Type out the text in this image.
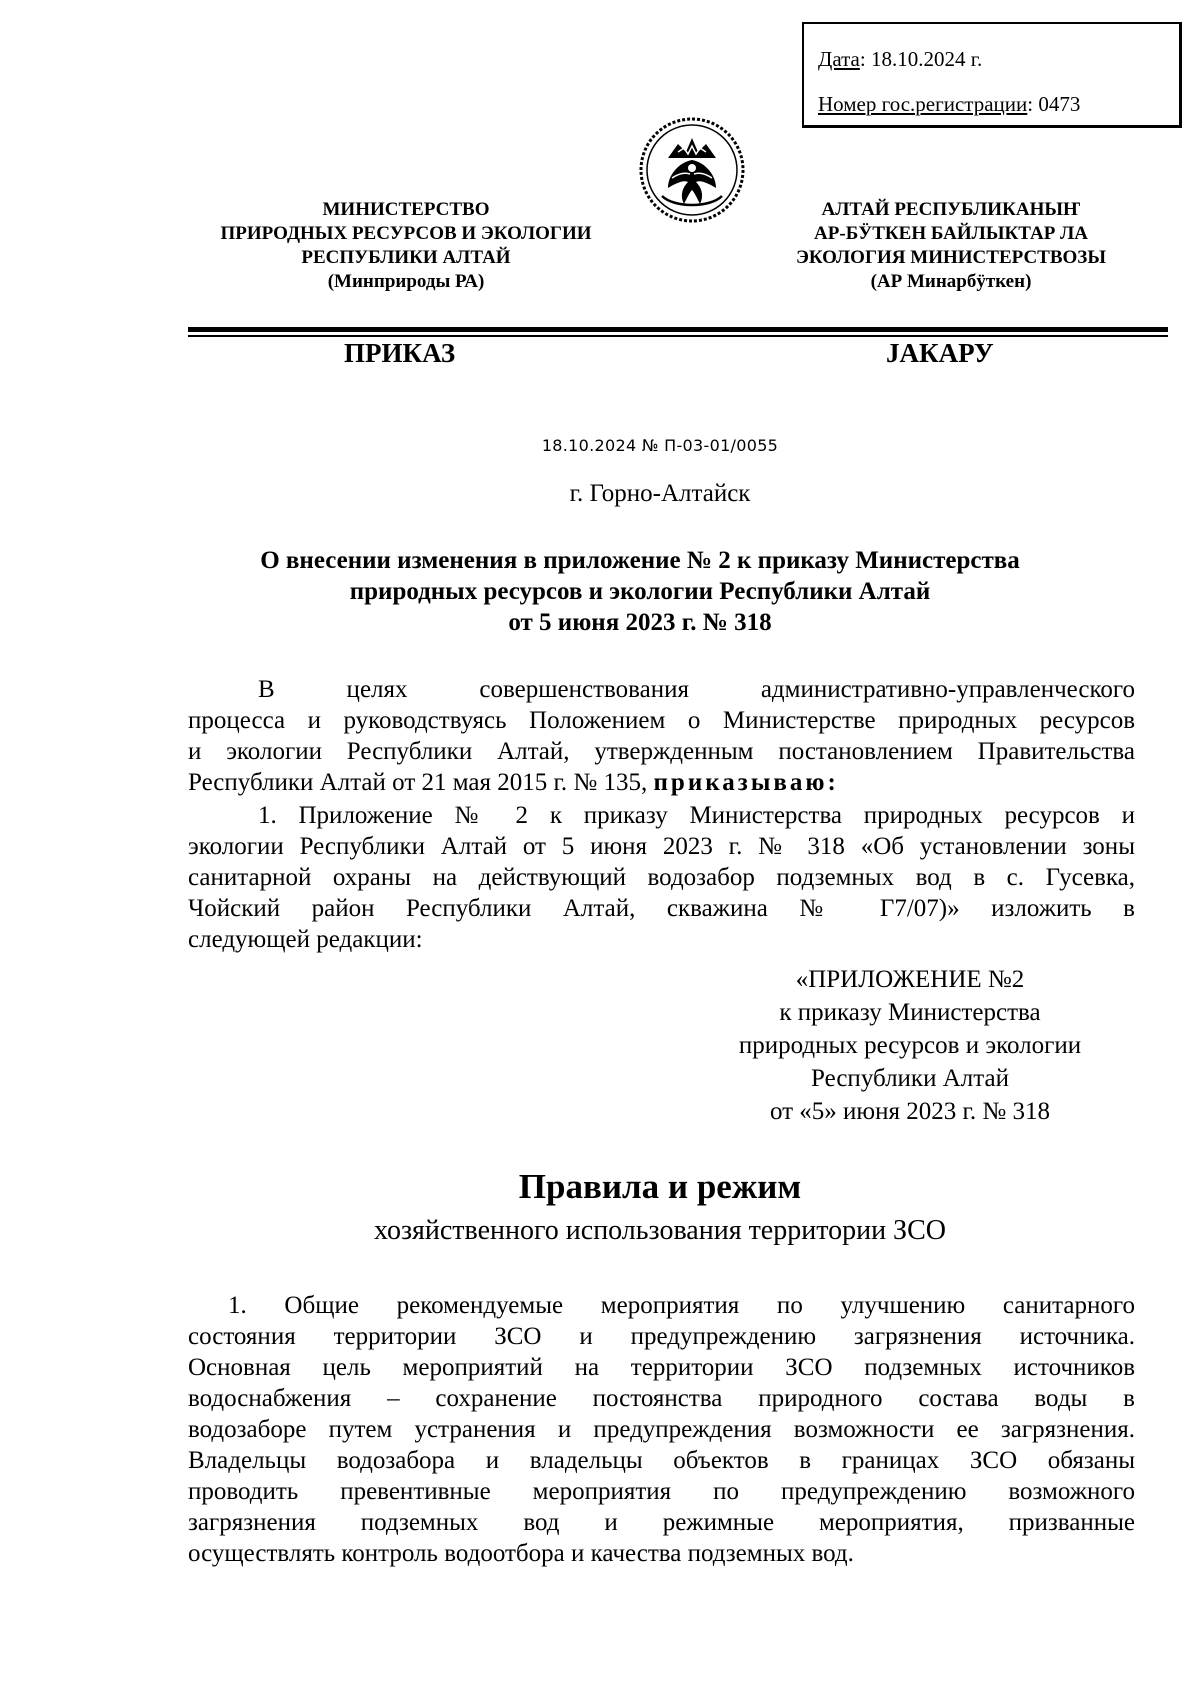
Дата: 18.10.2024 г.
Номер гос.регистрации: 0473
МИНИСТЕРСТВО
ПРИРОДНЫХ РЕСУРСОВ И ЭКОЛОГИИ
РЕСПУБЛИКИ АЛТАЙ
(Минприроды РА)
АЛТАЙ РЕСПУБЛИКАНЫҤ
АР-БӰТКЕН БАЙЛЫКТАР ЛА
ЭКОЛОГИЯ МИНИСТЕРСТВОЗЫ
(АР Минарбӱткен)
ПРИКАЗ	ЈАКАРУ
18.10.2024 № П-03-01/0055
г. Горно-Алтайск
О внесении изменения в приложение № 2 к приказу Министерства
природных ресурсов и экологии Республики Алтай
от 5 июня 2023 г. № 318
В целях совершенствования административно-управленческого
процесса и руководствуясь Положением о Министерстве природных ресурсов
и экологии Республики Алтай, утвержденным постановлением Правительства
Республики Алтай от 21 мая 2015 г. № 135, приказываю:
1. Приложение № 2 к приказу Министерства природных ресурсов и
экологии Республики Алтай от 5 июня 2023 г. № 318 «Об установлении зоны
санитарной охраны на действующий водозабор подземных вод в с. Гусевка,
Чойский район Республики Алтай, скважина № Г7/07)» изложить в
следующей редакции:
«ПРИЛОЖЕНИЕ №2
к приказу Министерства
природных ресурсов и экологии
Республики Алтай
от «5» июня 2023 г. № 318
Правила и режим
хозяйственного использования территории ЗСО
1. Общие рекомендуемые мероприятия по улучшению санитарного
состояния территории ЗСО и предупреждению загрязнения источника.
Основная цель мероприятий на территории ЗСО подземных источников
водоснабжения – сохранение постоянства природного состава воды в
водозаборе путем устранения и предупреждения возможности ее загрязнения.
Владельцы водозабора и владельцы объектов в границах ЗСО обязаны
проводить превентивные мероприятия по предупреждению возможного
загрязнения подземных вод и режимные мероприятия, призванные
осуществлять контроль водоотбора и качества подземных вод.
